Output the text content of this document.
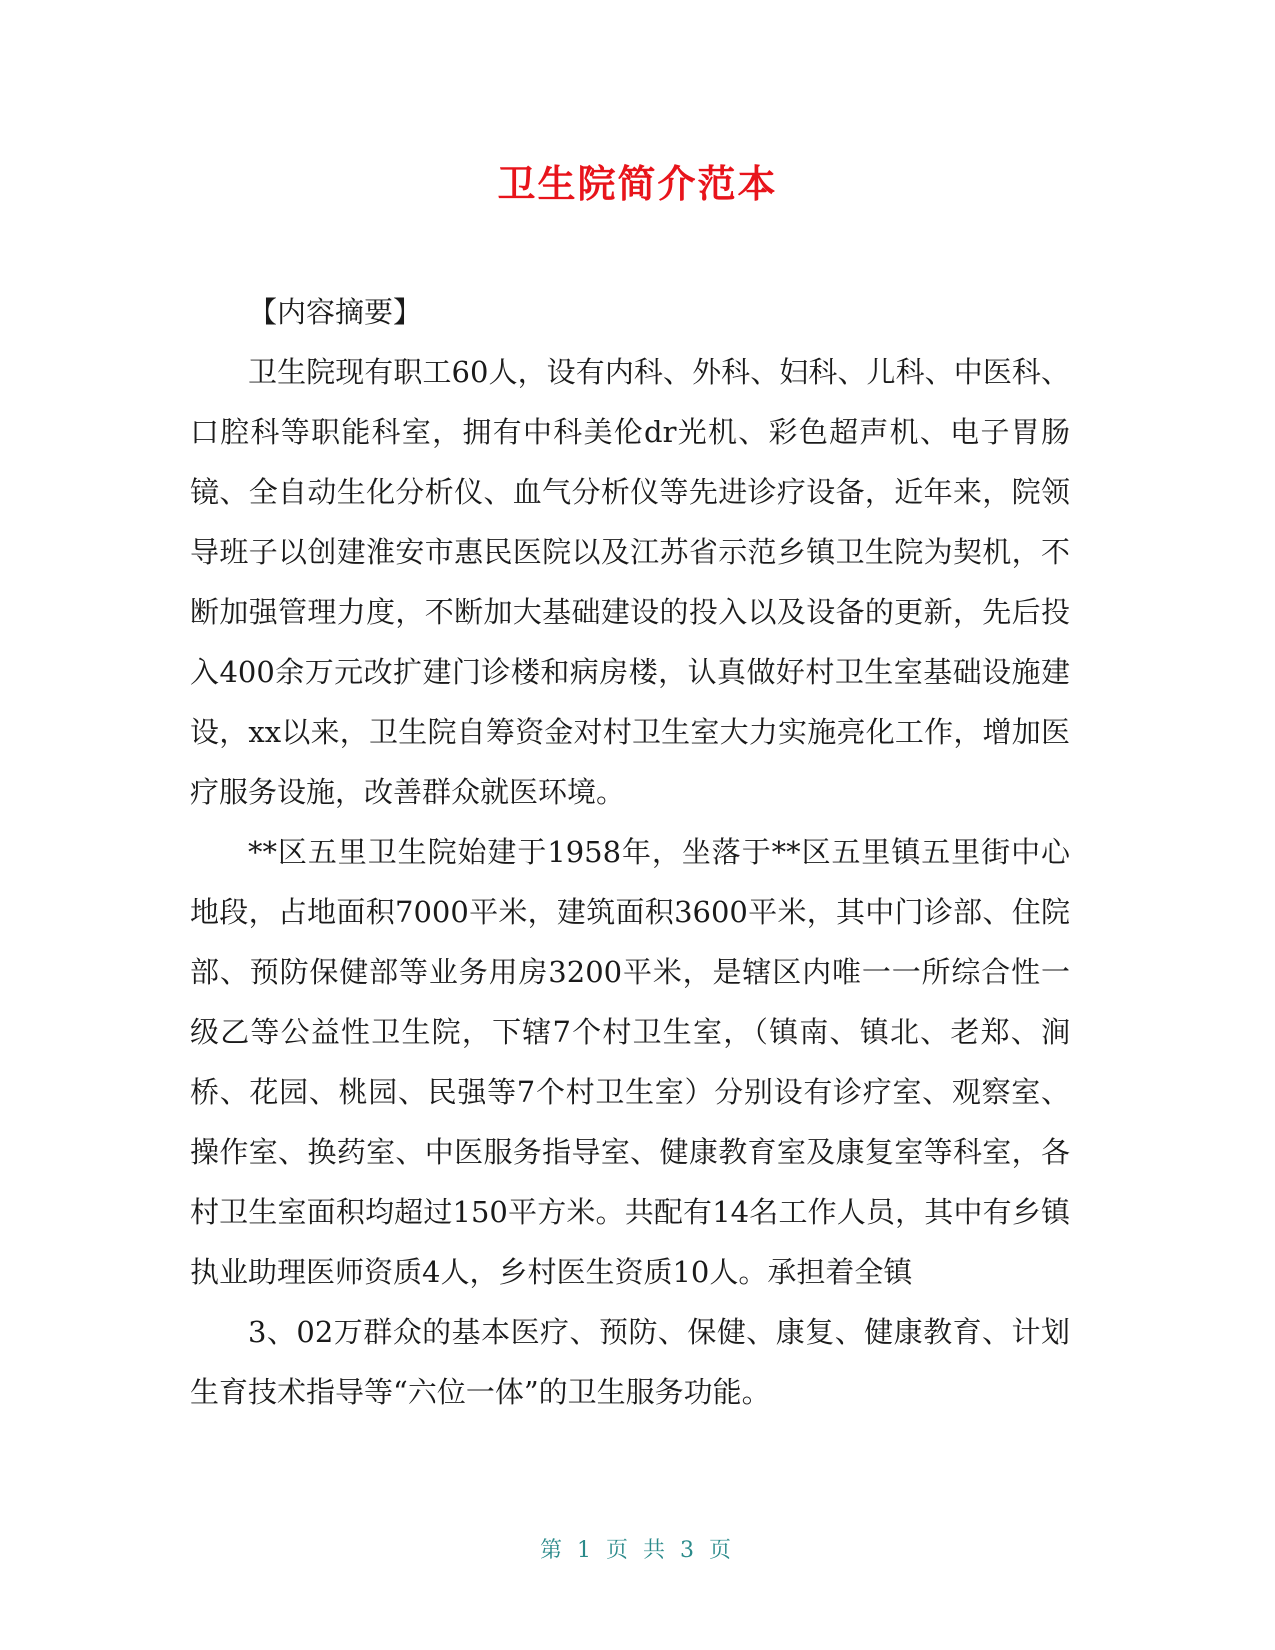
卫生院简介范本

【内容摘要】

卫生院现有职工60人，设有内科、外科、妇科、儿科、中医科、口腔科等职能科室，拥有中科美伦dr光机、彩色超声机、电子胃肠镜、全自动生化分析仪、血气分析仪等先进诊疗设备，近年来，院领导班子以创建淮安市惠民医院以及江苏省示范乡镇卫生院为契机，不断加强管理力度，不断加大基础建设的投入以及设备的更新，先后投入400余万元改扩建门诊楼和病房楼，认真做好村卫生室基础设施建设，xx以来，卫生院自筹资金对村卫生室大力实施亮化工作，增加医疗服务设施，改善群众就医环境。

**区五里卫生院始建于1958年，坐落于**区五里镇五里街中心地段，占地面积7000平米，建筑面积3600平米，其中门诊部、住院部、预防保健部等业务用房3200平米，是辖区内唯一一所综合性一级乙等公益性卫生院，下辖7个村卫生室，（镇南、镇北、老郑、涧桥、花园、桃园、民强等7个村卫生室）分别设有诊疗室、观察室、操作室、换药室、中医服务指导室、健康教育室及康复室等科室，各村卫生室面积均超过150平方米。共配有14名工作人员，其中有乡镇执业助理医师资质4人，乡村医生资质10人。承担着全镇

3、02万群众的基本医疗、预防、保健、康复、健康教育、计划生育技术指导等“六位一体”的卫生服务功能。

第 1 页 共 3 页
